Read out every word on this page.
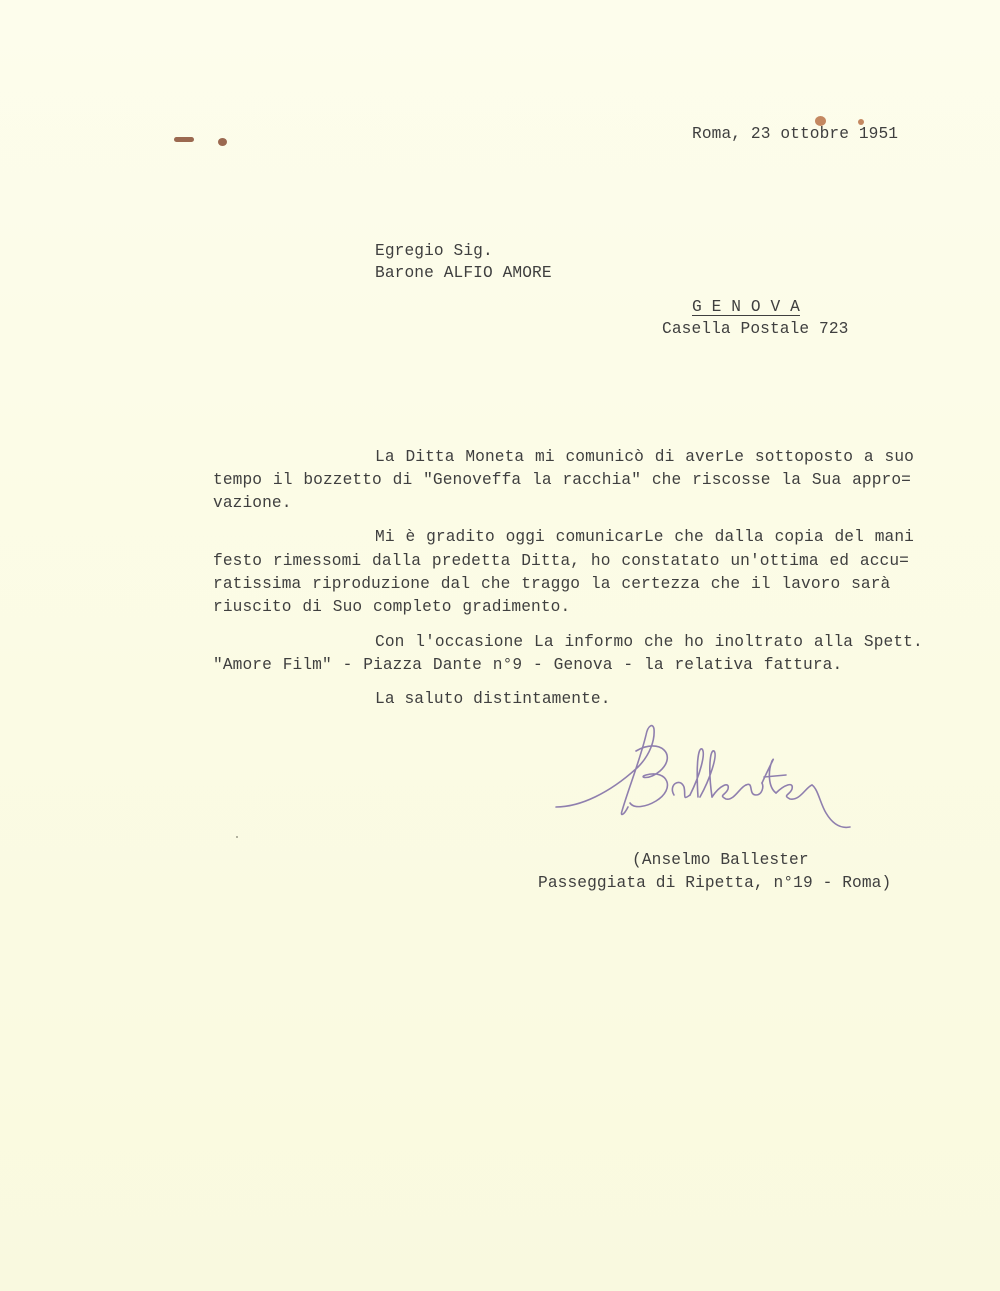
Roma, 23 ottobre 1951
Egregio Sig.
Barone ALFIO AMORE
G E N O V A
Casella Postale 723
La Ditta Moneta mi comunicò di averLe sottoposto a suo
tempo il bozzetto di "Genoveffa la racchia" che riscosse la Sua appro=
vazione.
Mi è gradito oggi comunicarLe che dalla copia del mani
festo rimessomi dalla predetta Ditta, ho constatato un'ottima ed accu=
ratissima riproduzione dal che traggo la certezza che il lavoro sarà
riuscito di Suo completo gradimento.
Con l'occasione La informo che ho inoltrato alla Spett.
"Amore Film" - Piazza Dante n°9 - Genova - la relativa fattura.
La saluto distintamente.
(Anselmo Ballester
Passeggiata di Ripetta, n°19 - Roma)
